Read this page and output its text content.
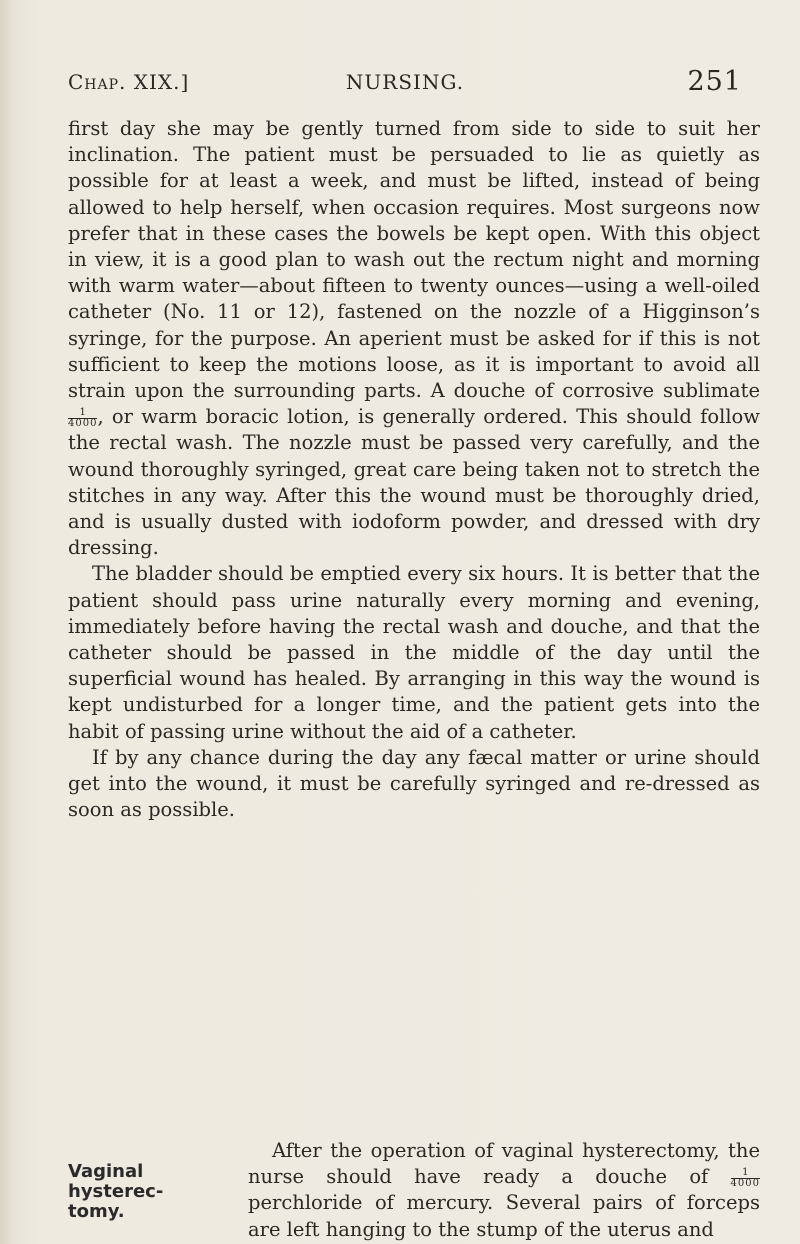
Chap. XIX.]	NURSING.	251

first day she may be gently turned from side to side to suit her inclination. The patient must be persuaded to lie as quietly as possible for at least a week, and must be lifted, instead of being allowed to help herself, when occasion requires. Most surgeons now prefer that in these cases the bowels be kept open. With this object in view, it is a good plan to wash out the rectum night and morning with warm water—about fifteen to twenty ounces—using a well-oiled catheter (No. 11 or 12), fastened on the nozzle of a Higginson’s syringe, for the purpose. An aperient must be asked for if this is not sufficient to keep the motions loose, as it is important to avoid all strain upon the surrounding parts. A douche of corrosive sublimate
$\frac{1}{4000}$ , or warm boracic lotion, is generally ordered. This should follow the rectal wash. The nozzle must be passed very carefully, and the wound thoroughly syringed, great care being taken not to stretch the stitches in any way. After this the wound must be thoroughly dried, and is usually dusted with iodoform powder, and dressed with dry dressing.

The bladder should be emptied every six hours. It is better that the patient should pass urine naturally every morning and evening, immediately before having the rectal wash and douche, and that the catheter should be passed in the middle of the day until the superficial wound has healed. By arranging in this way the wound is kept undisturbed for a longer time, and the patient gets into the habit of passing urine without the aid of a catheter.

If by any chance during the day any fæcal matter or urine should get into the wound, it must be carefully syringed and re-dressed as soon as possible.

Vaginal
hysterec-
tomy.

After the operation of vaginal hysterectomy, the nurse should have ready a douche of $\frac{1}{4000}$
perchloride of mercury. Several pairs of forceps are left hanging to the stump of the uterus and
